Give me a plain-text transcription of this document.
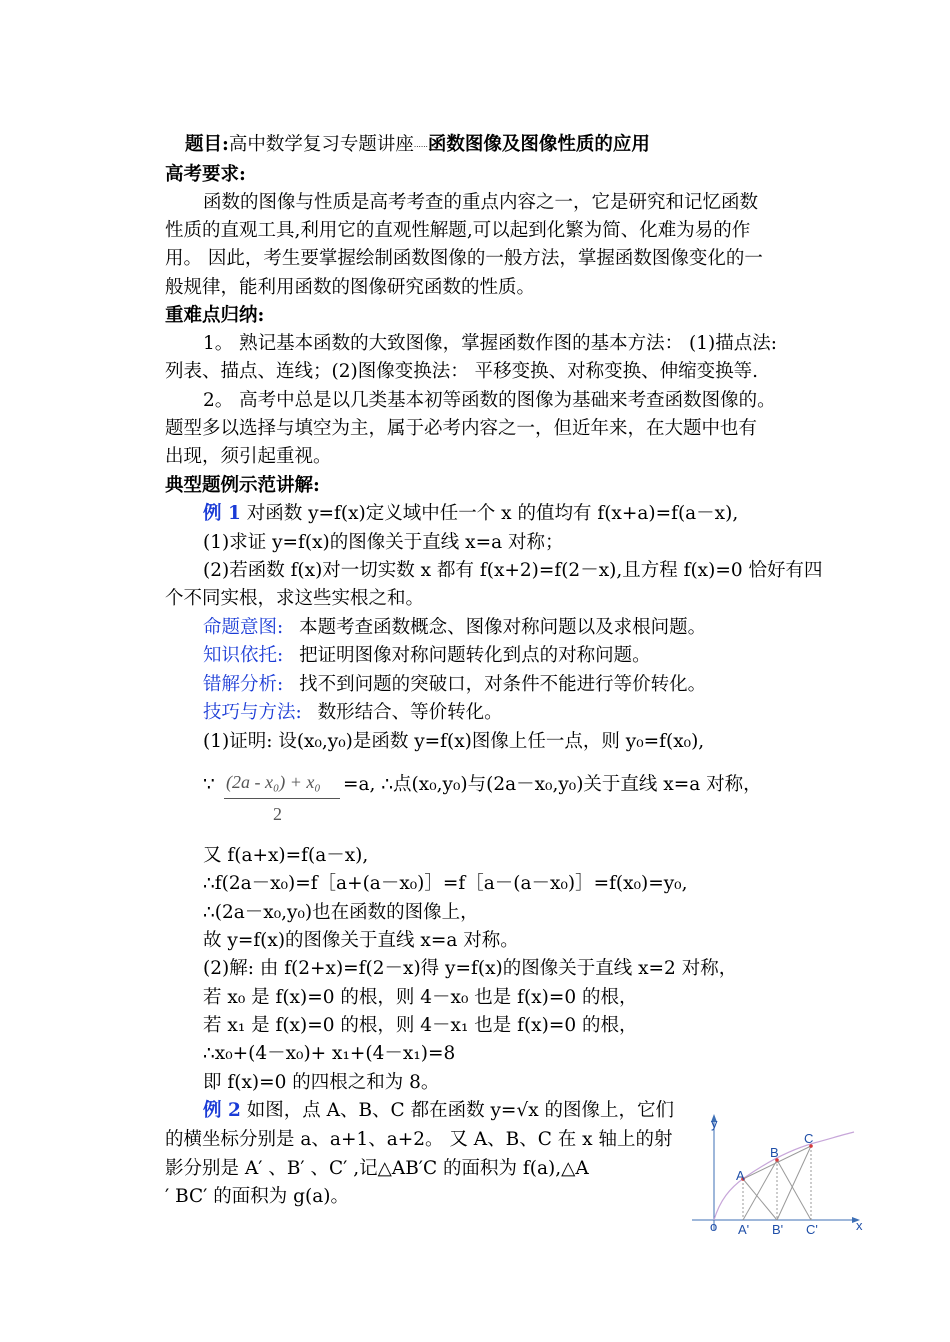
题目:高中数学复习专题讲座……函数图像及图像性质的应用
高考要求:
函数的图像与性质是高考考查的重点内容之一，它是研究和记忆函数
性质的直观工具,利用它的直观性解题,可以起到化繁为简、化难为易的作
用。 因此，考生要掌握绘制函数图像的一般方法，掌握函数图像变化的一
般规律，能利用函数的图像研究函数的性质。
重难点归纳:
1。 熟记基本函数的大致图像，掌握函数作图的基本方法： (1)描点法:
列表、描点、连线；(2)图像变换法： 平移变换、对称变换、伸缩变换等.
2。 高考中总是以几类基本初等函数的图像为基础来考查函数图像的。
题型多以选择与填空为主，属于必考内容之一，但近年来，在大题中也有
出现，须引起重视。
典型题例示范讲解:
例 1 对函数 y=f(x)定义域中任一个 x 的值均有 f(x+a)=f(a－x),
(1)求证 y=f(x)的图像关于直线 x=a 对称；
(2)若函数 f(x)对一切实数 x 都有 f(x+2)=f(2－x),且方程 f(x)=0 恰好有四
个不同实根，求这些实根之和。
命题意图: 本题考查函数概念、图像对称问题以及求根问题。
知识依托: 把证明图像对称问题转化到点的对称问题。
错解分析: 找不到问题的突破口，对条件不能进行等价转化。
技巧与方法: 数形结合、等价转化。
(1)证明: 设(x₀,y₀)是函数 y=f(x)图像上任一点，则 y₀=f(x₀),
∵ (2a - x₀) + x₀
2
=a, ∴点(x₀,y₀)与(2a－x₀,y₀)关于直线 x=a 对称，
又 f(a+x)=f(a－x),
∴f(2a－x₀)=f［a+(a－x₀)］=f［a－(a－x₀)］=f(x₀)=y₀,
∴(2a－x₀,y₀)也在函数的图像上，
故 y=f(x)的图像关于直线 x=a 对称。
(2)解: 由 f(2+x)=f(2－x)得 y=f(x)的图像关于直线 x=2 对称，
若 x₀ 是 f(x)=0 的根，则 4－x₀ 也是 f(x)=0 的根，
若 x₁ 是 f(x)=0 的根，则 4－x₁ 也是 f(x)=0 的根，
∴x₀+(4－x₀)+ x₁+(4－x₁)=8
即 f(x)=0 的四根之和为 8。
例 2 如图，点 A、B、C 都在函数 y=√x 的图像上，它们
的横坐标分别是 a、a+1、a+2。 又 A、B、C 在 x 轴上的射
影分别是 A′ 、B′ 、C′ ,记△AB′C 的面积为 f(a),△A
′ BC′ 的面积为 g(a)。
y
x
o
A
B
C
A' B' C'
